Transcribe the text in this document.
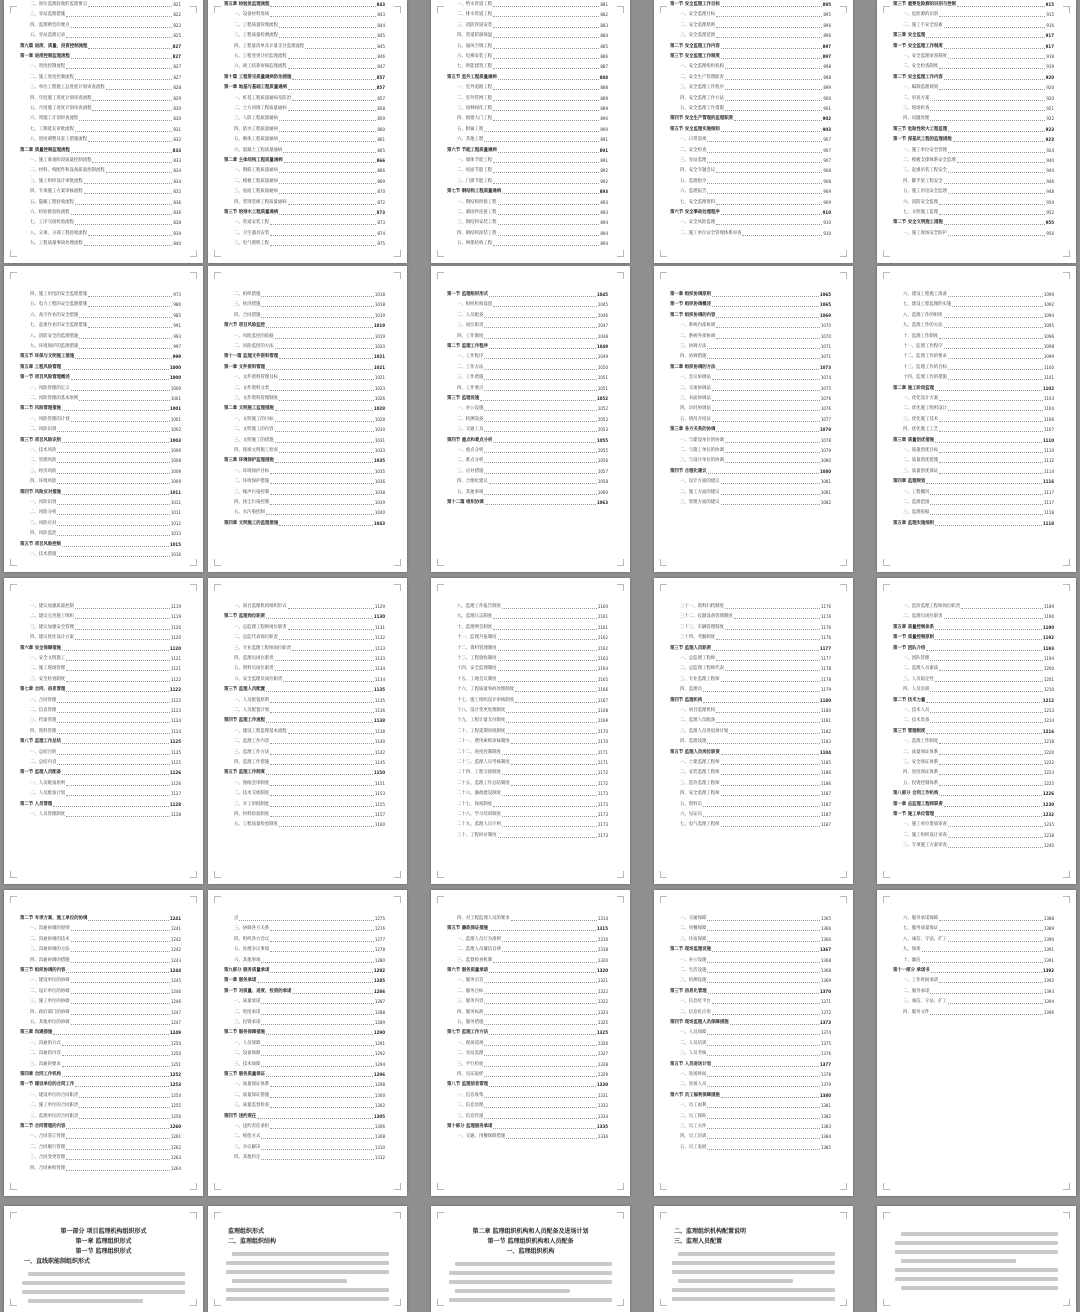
二、原位监理验收的监理要点	821
三、旁站监理措施	822
四、监理例会的要点	823
五、旁站监理记录	825
第九篇 进度、质量、投资控制流程	827
第一章 进度控制监理流程	827
一、进度控制流程	827
二、施工进度控制流程	827
三、单位工程施工总进度计划审查流程	828
四、年度施工进度计划审查流程	829
五、月度施工进度计划审查流程	830
六、周施工计划审查流程	830
七、工期延长审批流程	831
八、进度调整及赶工措施流程	832
第二章 质量控制监理流程	833
一、施工准备阶段质量控制流程	833
二、材料、构配件和设备质量控制流程	834
三、施工组织设计审批流程	834
四、专项施工方案审核流程	835
五、隐蔽工程验收流程	836
六、检验批验收流程	836
七、工序交接检验流程	838
八、分项、分部工程验收流程	839
九、工程质量事故处理流程	840
第五章 检验批监理流程	843
一、设备材料进场	843
二、工程质量管理流程	844
三、工程质量检测流程	845
四、工程量清单及计量支付监理流程	845
五、工程变更计价监理流程	846
六、竣工结算审核监理流程	847
第十篇 工程常见质量通病防治措施	857
第一章 地基与基础工程质量通病	857
一、桩基工程质量通病及防治	857
二、土方回填工程质量通病	858
三、人防工程质量通病	859
四、防水工程质量通病	860
五、砌体工程质量通病	861
六、混凝土工程质量通病	865
第二章 主体结构工程质量通病	866
一、钢筋工程质量通病	866
二、模板工程质量通病	869
三、屋面工程质量通病	870
四、装饰装修工程质量通病	872
第三节 给排水工程质量通病	873
一、管道安装工程	873
二、卫生器具安装	874
三、电气照明工程	875
一、给水管道工程	881
二、排水管道工程	882
三、消防管道安装	883
四、管道防腐保温	884
五、通风空调工程	885
六、电梯安装工程	886
七、智能建筑工程	887
第五节 室外工程质量通病	888
一、室外道路工程	888
二、室外管网工程	889
三、园林绿化工程	889
四、围墙大门工程	890
五、附属工程	890
六、其他工程	891
第六节 节能工程质量通病	891
一、墙体节能工程	891
二、屋面节能工程	892
三、门窗节能工程	892
第七节 钢结构工程质量通病	893
一、钢结构焊接工程	893
二、紧固件连接工程	893
三、钢结构安装工程	894
四、钢结构涂装工程	894
五、网架结构工程	894
第一节 安全监理工作目标	895
一、安全监理目标	895
二、安全监理原则	896
三、安全监理范围	896
第二节 安全监理工作内容	897
第三节 安全监理工作制度	897
一、安全监理组织机构	898
二、安全生产管理职责	898
三、安全监理工作程序	899
四、安全监理工作方法	900
五、安全监理工作措施	901
第四节 安全生产管理的监理职责	902
第五节 安全监理实施细则	903
一、日常巡视	907
二、安全检查	907
三、旁站监理	907
四、安全专题会议	908
五、监理指令	908
六、监理报告	909
七、安全监理资料	909
第六节 安全事故处理程序	910
一、安全风险监理	910
二、施工单位安全管理体系审查	910
第三节 重要危险源的识别与控制	915
一、危险源的识别	915
二、施工不安全因素	916
第三章 安全监理	917
第一节 安全监理工作制度	917
一、安全监理审查制度	918
二、安全检查制度	919
第二节 安全监理工作内容	920
一、编制监理规划	920
二、审查方案	920
三、现场检查	921
四、问题处理	922
第三节 危险性较大工程监理	923
第一节 深基坑工程的监理措施	923
一、施工单位安全管理	924
二、模板支撑体系安全监理	940
三、起重吊装工程安全	944
四、脚手架工程安全	946
五、施工用电安全监理	948
六、消防安全监理	950
七、文明施工监理	952
第二节 安全文明施工措施	955
一、施工现场安全防护	956
四、施工用电的安全监理措施	973
五、电力工程的安全监理措施	980
六、高空作业的安全措施	985
七、起重作业的安全监理措施	991
八、消防安全的监理措施	993
九、环境保护的监理措施	997
第五节 环保与文明施工措施	999
第五章 工程风险管理	1000
第一节 项目风险管理概述	1000
一、风险管理的定义	1000
二、风险管理的基本原则	1001
第二节 风险管理措施	1001
一、风险管理的计划	1001
二、风险识别	1002
第三节 项目风险识别	1003
一、技术风险	1006
二、管理风险	1008
三、经济风险	1009
四、环境风险	1009
第四节 风险应对措施	1011
一、风险识别	1011
二、风险分析	1011
三、风险应对	1012
四、风险监控	1013
第五节 项目风险控制	1015
一、技术措施	1016
二、组织措施	1018
三、经济措施	1018
四、合同措施	1019
第六节 项目风险监控	1019
一、风险监控的依据	1019
二、风险监控的方法	1020
第十一篇 监理文件资料管理	1021
第一章 文件资料管理	1021
一、文件资料管理目标	1021
二、文件资料分类	1023
三、文件资料管理制度	1026
第二章 文明施工监理措施	1028
一、文明施工的目标	1028
二、文明施工的内容	1030
三、文明施工的措施	1031
四、现场文明施工检查	1033
第三章 环境保护监理措施	1035
一、环境保护目标	1035
二、环境保护措施	1036
三、噪声污染控制	1038
四、扬尘污染控制	1039
五、水污染控制	1040
第四章 文明施工的监理措施	1043
第一节 监理组织形式	1045
一、组织机构设置	1045
二、人员配备	1046
三、岗位职责	1047
四、工作制度	1048
第二节 监理工作程序	1049
一、工作程序	1049
二、工作方法	1050
三、工作措施	1051
四、工作要点	1051
第三节 监理设施	1052
一、办公设施	1052
二、检测设备	1053
三、交通工具	1053
第四节 重点和难点分析	1055
一、重点分析	1055
二、难点分析	1056
三、应对措施	1057
四、合理化建议	1058
五、其他事项	1060
第十二篇 组织协调	1063
第一章 组织协调原则	1065
第一节 组织协调概述	1065
第二节 组织协调的内容	1069
一、系统内部协调	1070
二、系统外部协调	1070
三、协调方法	1071
四、协调措施	1071
第二章 组织协调的方法	1073
一、会议协调法	1074
二、交谈协调法	1075
三、书面协调法	1076
四、访问协调法	1076
五、情况介绍法	1077
第三章 各方关系的协调	1078
一、与建设单位的协调	1078
二、与施工单位的协调	1079
三、与设计单位的协调	1080
第四节 合理化建议	1080
一、设计方面的建议	1081
二、施工方面的建议	1081
三、管理方面的建议	1082
六、建设工程施工准备	1090
七、建设工程监理的实施	1092
八、监理工作的组织	1094
九、监理工作的方法	1095
十、监理工作制度	1096
十一、监理工作程序	1098
十二、监理工作的要求	1099
十三、监理工作的目标	1100
十四、监理工作的措施	1101
第二章 施工阶段监理	1102
一、优化设计方案	1103
二、优化施工组织设计	1104
三、优化施工技术	1106
四、优化施工工艺	1107
第三章 质量创优措施	1110
一、质量创优目标	1110
二、质量创优措施	1112
三、质量创优保证	1114
第四章 监理规划	1116
一、工程概况	1117
二、监理范围	1117
三、监理依据	1118
第五章 监理实施细则	1118
一、建议加强质量控制	1119
二、建议完善施工组织	1119
三、建议加强安全管理	1120
四、建议优化设计方案	1120
第六章 安全保障措施	1120
一、安全文明施工	1121
二、施工现场管理	1121
三、安全检查制度	1122
第七章 合同、信息管理	1122
一、合同管理	1122
二、信息管理	1123
三、档案管理	1124
四、资料管理	1124
第八节 监理工作总结	1125
一、总结目的	1125
二、总结内容	1125
第一节 监理人员配备	1126
一、人员配备原则	1126
二、人员配备计划	1127
第二节 人员管理	1128
一、人员管理制度	1128
一、项目监理机构组织形式	1129
第二节 监理岗位职责	1130
一、总监理工程师岗位职责	1131
二、总监代表岗位职责	1132
三、专业监理工程师岗位职责	1133
四、监理员岗位职责	1133
五、资料员岗位职责	1134
六、安全监理员岗位职责	1134
第三节 监理人员配置	1135
一、人员配置原则	1135
二、人员配置计划	1136
第四节 监理工作流程	1138
一、建设工程监理基本流程	1138
二、监理工作内容	1140
三、监理工作方法	1142
四、监理工作措施	1145
第五节 监理工作制度	1150
一、图纸会审制度	1151
二、技术交底制度	1153
三、开工审批制度	1155
四、材料检验制度	1157
五、工程质量检验制度	1160
八、监理工作报告制度	1160
九、监理日志制度	1161
十、监理例会制度	1161
十一、监理月报制度	1162
十二、资料管理制度	1162
十三、工程验收制度	1163
十四、安全监理制度	1164
十五、工地会议制度	1165
十六、工程质量事故处理制度	1166
十七、施工组织设计审核制度	1167
十八、设计变更处理制度	1168
十九、工程计量支付制度	1169
二十、工程延期审批制度	1170
二十一、费用索赔审核制度	1170
二十二、进度控制制度	1171
二十三、监理人员考核制度	1171
二十四、工程交接制度	1172
二十五、监理工作总结制度	1172
二十六、廉政建设制度	1173
二十七、保密制度	1173
二十八、学习培训制度	1173
二十九、监理人员守则	1173
三十、工程回访制度	1173
三十一、资料归档制度	1176
三十二、仪器设备管理制度	1176
三十三、车辆管理制度	1176
三十四、考勤制度	1176
第三节 监理人员职责	1177
一、总监理工程师	1177
二、总监理工程师代表	1178
三、专业监理工程师	1178
四、监理员	1179
第四节 监理机构	1180
一、项目监理机构	1180
二、监理人员配备	1181
三、监理人员进退场计划	1182
四、监理设施	1183
第五节 监理人员岗位职责	1184
一、土建监理工程师	1185
二、安装监理工程师	1186
三、造价监理工程师	1186
四、安全监理工程师	1187
五、资料员	1187
六、见证员	1187
七、电气监理工程师	1187
一、造价监理工程师岗位职责	1189
二、监理员岗位职责	1190
第五章 质量控制体系	1190
第一节 质量控制原则	1192
第一节 团队介绍	1193
一、团队管理	1194
二、监理人员素质	1200
三、人员稳定性	1201
四、人员培训	1210
第二节 技术力量	1212
一、技术人员	1213
二、技术装备	1214
第三节 管理制度	1216
一、监理工作制度	1218
二、质量保证体系	1220
三、安全保证体系	1222
四、进度保证体系	1223
五、投资控制体系	1225
第八部分 合同工作机构	1226
第一章 总监理工程师职责	1230
第一节 施工单位管理	1232
一、施工单位资质审查	1235
二、施工组织设计审查	1238
三、专项施工方案审查	1240
第二节 专项方案、施工单位的协调	1241
一、沟通协调的原则	1241
二、沟通协调的技术	1242
三、沟通协调的方法	1242
四、沟通协调的措施	1243
第三节 组织协调的内容	1244
一、建设单位的协调	1245
二、设计单位的协调	1246
三、施工单位的协调	1246
四、政府部门的协调	1247
五、其他单位的协调	1247
第三章 沟通措施	1249
一、沟通的方式	1250
二、沟通的内容	1250
三、沟通的要求	1251
第四章 合同工作机构	1252
第一节 建设单位的合同工作	1253
一、建设单位的合同职责	1254
二、施工单位的合同职责	1255
三、监理单位的合同职责	1256
第二节 合同管理的内容	1260
一、合同签订管理	1261
二、合同履行管理	1262
三、合同变更管理	1263
四、合同索赔管理	1264
点	1275
三、协调各方关系	1276
四、组织各方会议	1277
五、处理争议事项	1278
六、其他事项	1280
第九部分 服务质量承诺	1282
第一章 服务承诺	1285
第一节 对质量、进度、投资的承诺	1286
一、质量承诺	1287
二、进度承诺	1288
三、投资承诺	1289
第二节 服务保障措施	1290
一、人员保障	1291
二、设备保障	1292
三、技术保障	1294
第三节 服务质量保证	1296
一、质量保证体系	1298
二、质量保证措施	1300
三、质量监督检查	1302
第四节 违约责任	1305
一、违约责任承担	1306
二、赔偿方式	1308
三、争议解决	1310
四、其他约定	1312
四、对工程监理人员的要求	1314
第五节 廉政保证措施	1315
一、监理人员行为准则	1316
二、监理人员廉洁自律	1318
三、监督检查机制	1320
第六节 服务质量承诺	1320
一、服务宗旨	1321
二、服务目标	1322
三、服务内容	1322
四、服务标准	1323
五、服务措施	1325
第七节 监理工作方法	1325
一、现场巡视	1326
二、旁站监理	1327
三、平行检验	1328
四、见证取样	1329
第八节 监理信息管理	1330
一、信息收集	1331
二、信息处理	1332
三、信息传递	1334
第十部分 监理服务承诺	1335
一、交通、用餐保障措施	1336
一、交通保障	1365
二、用餐保障	1366
三、住宿保障	1366
第二节 现场监理设施	1367
一、办公设施	1368
二、生活设施	1368
三、检测设施	1369
第三节 信息化管理	1370
一、信息化平台	1371
二、信息化应用	1372
第四节 现场监理人员保障措施	1373
一、人员保障	1374
二、人员培训	1375
三、人员考核	1376
第五节 人员进场计划	1377
一、进场时间	1378
二、进场人员	1379
第六节 员工福利保障措施	1380
一、员工福利	1381
二、员工保险	1382
三、员工关怀	1383
四、员工培训	1384
五、员工发展	1385
六、服务承诺保障	1388
七、服务质量保证	1389
八、诚信、守法、扩工	1390
九、保密	1391
十、廉洁	1391
第十一部分 承诺书	1392
一、工作时间承诺	1392
二、服务承诺	1393
三、诚信、守法、扩工	1394
四、服务文件	1396
第一部分 项目监理机构组织形式
第一章 监理组织形式
第一节 监理组织形式
一、直线职能制组织形式
监理组织形式
二、监理组织结构
第二章 监理组织机构和人员配备及进场计划
第一节 监理组织机构和人员配备
一、监理组织机构
二、监理组织机构配置说明
三、监理人员配置
